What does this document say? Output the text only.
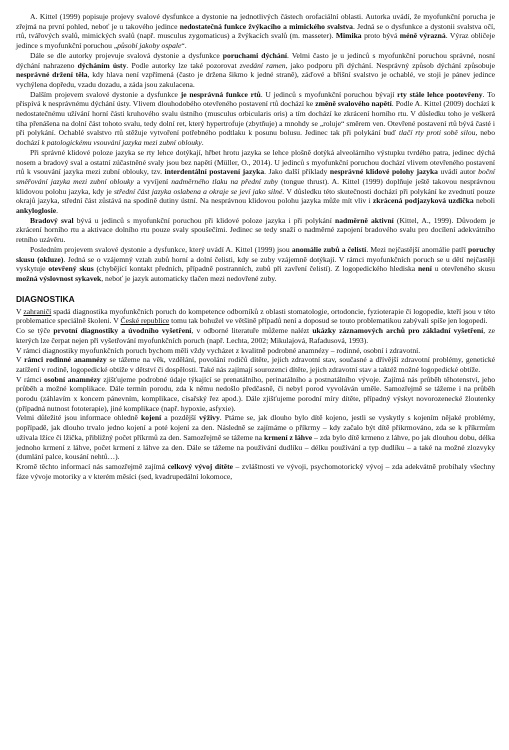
A. Kittel (1999) popisuje projevy svalové dysfunkce a dystonie na jednotlivých částech orofaciální oblasti. Autorka uvádí, že myofunkční porucha je zřejmá na první pohled, neboť je u takového jedince nedostatečná funkce žvýkacího a mimického svalstva. Jedná se o dysfunkce a dystonii svalstva očí, rtů, tvářových svalů, mimických svalů (např. musculus zygomaticus) a žvýkacích svalů (m. masseter). Mimika proto bývá méně výrazná. Výraz obličeje jedince s myofunkční poruchou „působí jakoby ospale“.

Dále se dle autorky projevuje svalová dystonie a dysfunkce poruchami dýchání. Velmi často je u jedinců s myofunkční poruchou správné, nosní dýchání nahrazeno dýcháním ústy. Podle autorky lze také pozorovat zvedání ramen, jako podporu při dýchání. Nesprávný způsob dýchání způsobuje nesprávné držení těla, kdy hlava není vzpřímená (často je držena šikmo k jedné straně), záďové a břišní svalstvo je ochablé, ve stoji je pánev jedince vychýlena dopředu, vzadu dozadu, a záda jsou zakulacena.

Dalším projevem svalové dystonie a dysfunkce je nesprávná funkce rtů. U jedinců s myofunkční poruchou bývají rty stále lehce pootevřeny. To přispívá k nesprávnému dýchání ústy. Vlivem dlouhodobého otevřeného postavení rtů dochází ke změně svalového napětí. Podle A. Kittel (2009) dochází k nedostatečnému užívání horní části kruhového svalu ústního (musculus orbicularis oris) a tím dochází ke zkrácení horního rtu. V důsledku toho je veškerá tíha přenášena na dolní část tohoto svalu, tedy dolní ret, který hypertrofuje (zbytňuje) a mnohdy se „roluje“ směrem ven. Otevřené postavení rtů bývá časté i při polykání. Ochablé svalstvo rtů stěžuje vytvoření potřebného podtlaku k posunu bolusu. Jedinec tak při polykání buď tlačí rty proti sobě silou, nebo dochází k patologickému vsouvání jazyka mezi zubní oblouky.

Při správné klidové poloze jazyka se rty lehce dotýkají, hřbet hrotu jazyka se lehce plošně dotýká alveolárního výstupku tvrdého patra, jedinec dýchá nosem a bradový sval a ostatní zúčastněné svaly jsou bez napětí (Müller, O., 2014). U jedinců s myofunkční poruchou dochází vlivem otevřeného postavení rtů k vsouvání jazyka mezi zubní oblouky, tzv. interdentální postavení jazyka. Jako další příklady nesprávné klidové polohy jazyka uvádí autor boční směřování jazyka mezi zubní oblouky a vyvíjení nadměrného tlaku na přední zuby (tongue thrust). A. Kittel (1999) doplňuje ještě takovou nesprávnou klidovou polohu jazyka, kdy je střední část jazyka oslabena a okraje se jeví jako silné. V důsledku této skutečnosti dochází při polykání ke zvednutí pouze okrajů jazyka, střední část zůstává na spodině dutiny ústní. Na nesprávnou klidovou polohu jazyka může mít vliv i zkrácená podjazyková uzdička neboli ankyloglosie.

Bradový sval bývá u jedinců s myofunkční poruchou při klidové poloze jazyka i při polykání nadměrně aktivní (Kittel, A., 1999). Důvodem je zkrácení horního rtu a aktivace dolního rtu pouze svaly spoušečími. Jedinec se tedy snaží o nadměrné zapojení bradového svalu pro docílení adekvátního retního uzávěru.

Posledním projevem svalové dystonie a dysfunkce, který uvádí A. Kittel (1999) jsou anomálie zubů a čelistí. Mezi nejčastější anomálie patří poruchy skusu (okluze). Jedná se o vzájemný vztah zubů horní a dolní čelisti, kdy se zuby vzájemně dotýkají. V rámci myofunkčních poruch se u dětí nejčastěji vyskytuje otevřený skus (chybějící kontakt předních, případně postranních, zubů při zavření čelistí). Z logopedického hlediska není u otevřeného skusu možná výslovnost sykavek, neboť je jazyk automaticky tlačen mezi nedovřené zuby.

DIAGNOSTIKA

V zahraničí spadá diagnostika myofunkčních poruch do kompetence odborníků z oblasti stomatologie, ortodoncie, fyzioterapie či logopedie, kteří jsou v této problematice speciálně školeni. V České republice tomu tak bohužel ve většině případů není a doposud se touto problematikou zabývali spíše jen logopedi.

Co se týče prvotní diagnostiky a úvodního vyšetření, v odborné literatuře můžeme nalézt ukázky záznamových archů pro základní vyšetření, ze kterých lze čerpat nejen při vyšetřování myofunkčních poruch (např. Lechta, 2002; Mikulajová, Rafadusová, 1993).

V rámci diagnostiky myofunkčních poruch bychom měli vždy vycházet z kvalitně podrobné anamnézy – rodinné, osobní i zdravotní.

V rámci rodinné anamnézy se tážeme na věk, vzdělání, povolání rodičů dítěte, jejich zdravotní stav, současné a dřívější zdravotní problémy, genetické zatížení v rodině, logopedické obtíže v dětství či dospělosti. Také nás zajímají sourozenci dítěte, jejich zdravotní stav a taktéž možné logopedické obtíže.

V rámci osobní anamnézy zjišťujeme podrobné údaje týkající se prenatálního, perinatálního a postnatálního vývoje. Zajímá nás průběh těhotenství, jeho průběh a možné komplikace. Dále termín porodu, zda k němu nedošlo předčasně, či nebyl porod vyvoláván uměle. Samozřejmě se tážeme i na průběh porodu (záhlavím x koncem pánevním, komplikace, císařský řez apod.). Dále zjišťujeme porodní míry dítěte, případný výskyt novorozenecké žloutenky (případná nutnost fototerapie), jiné komplikace (např. hypoxie, asfyxie).

Velmi důležité jsou informace ohledně kojení a pozdější výživy. Ptáme se, jak dlouho bylo dítě kojeno, jestli se vyskytly s kojením nějaké problémy, popřípadě, jak dlouho trvalo jedno kojení a poté kojení za den. Následně se zajímáme o příkrmy – kdy začalo být dítě přikrmováno, zda se k příkrmům užívala lžíce či lžička, přibližný počet příkrmů za den. Samozřejmě se tážeme na krmení z láhve – zda bylo dítě krmeno z láhve, po jak dlouhou dobu, délka jednoho krmení z láhve, počet krmení z láhve za den. Dále se tážeme na používání dudlíku – délku používání a typ dudlíku – a také na možné zlozvyky (dumlání palce, kousání nehtů…).

Kromě těchto informací nás samozřejmě zajímá celkový vývoj dítěte – zvláštnosti ve vývoji, psychomotorický vývoj – zda adekvátně probíhaly všechny fáze vývoje motoriky a v kterém měsíci (sed, kvadrupedální lokomoce,
